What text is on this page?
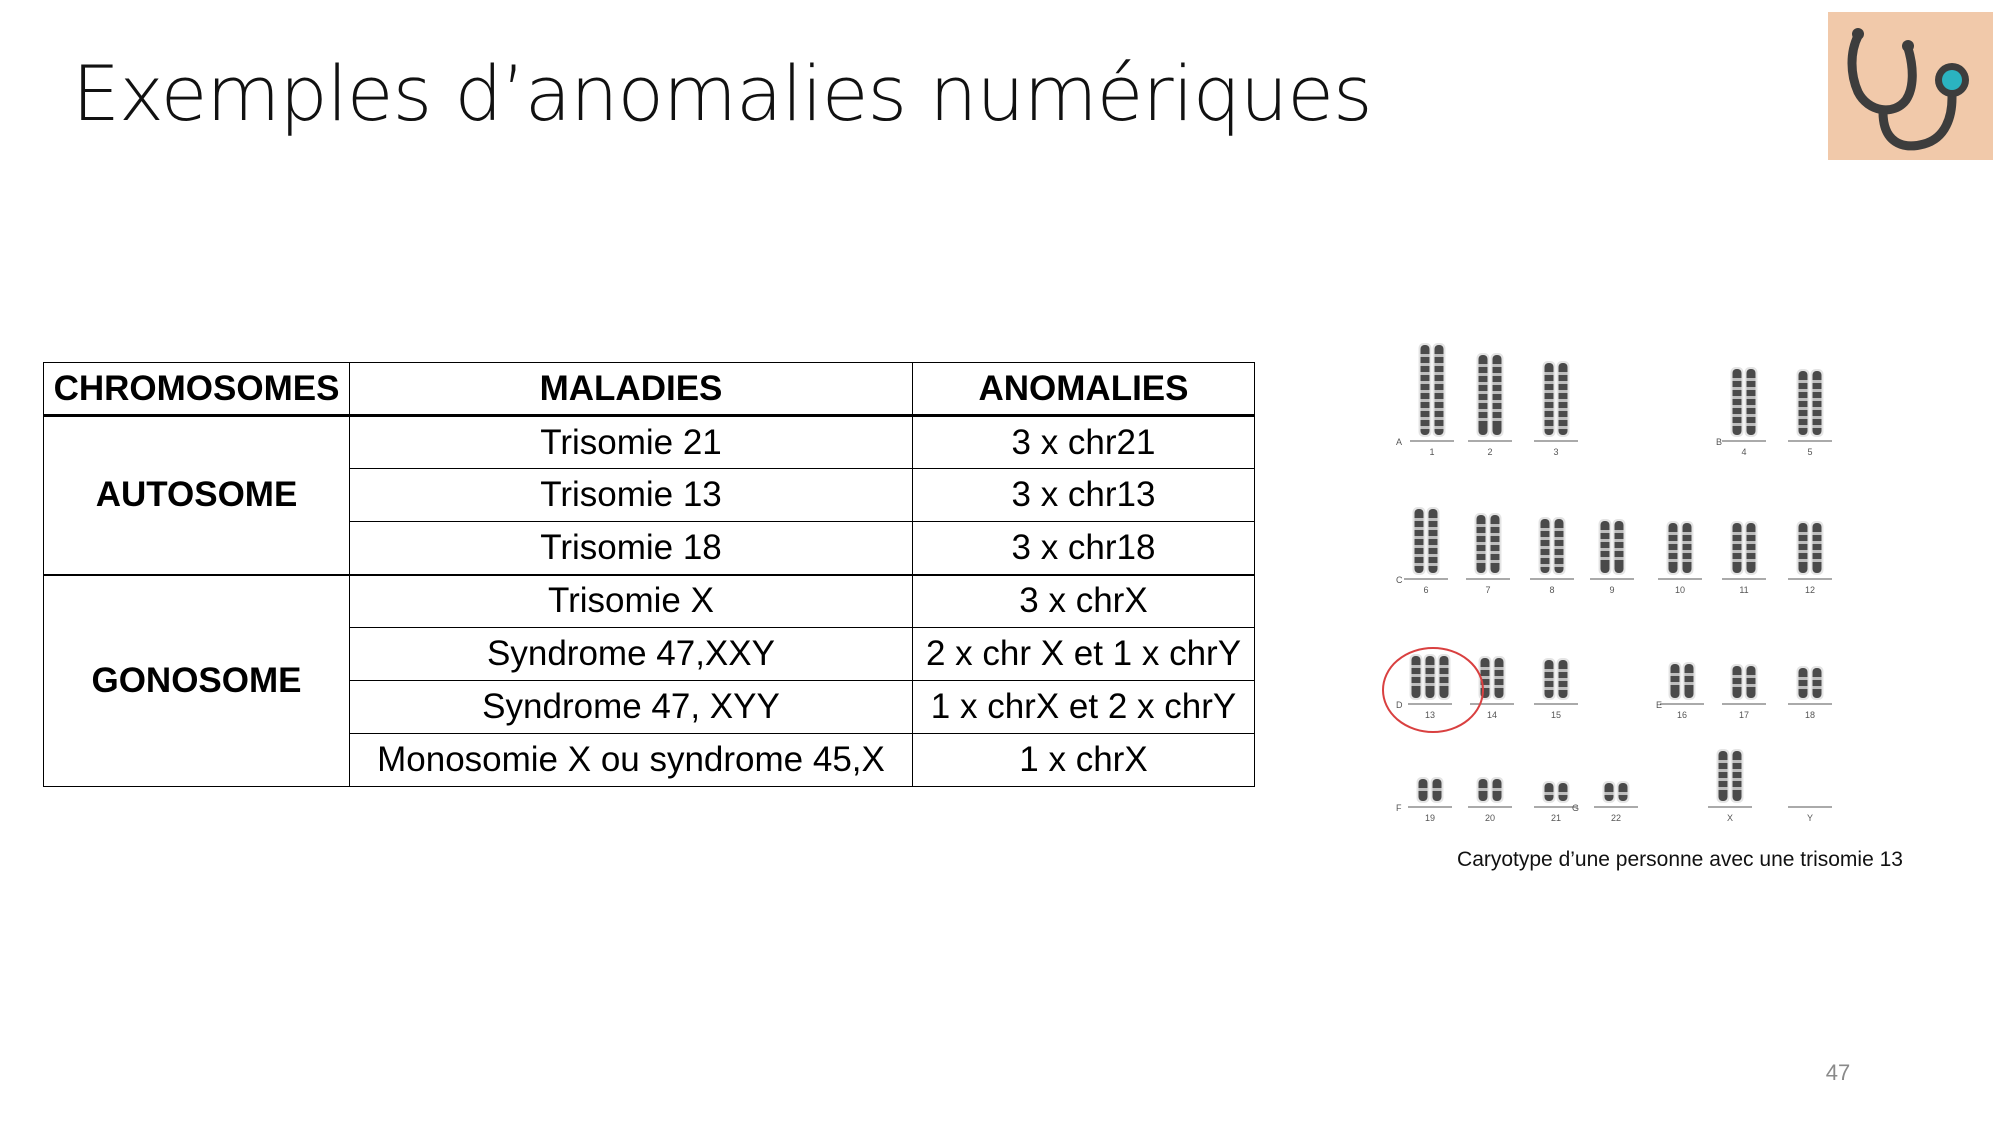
Exemples d’anomalies numériques
CHROMOSOMES	MALADIES	ANOMALIES
AUTOSOME	Trisomie 21	3 x chr21
	Trisomie 13	3 x chr13
	Trisomie 18	3 x chr18
GONOSOME	Trisomie X	3 x chrX
	Syndrome 47,XXY	2 x chr X et 1 x chrY
	Syndrome 47, XYY	1 x chrX et 2 x chrY
	Monosomie X ou syndrome 45,X	1 x chrX
1	2	3	4	5
6	7	8	9	10	11	12
13	14	15	16	17	18
19	20	21	22	X	Y
A	B
C
D	E
F	G
Caryotype d’une personne avec une trisomie 13
47
